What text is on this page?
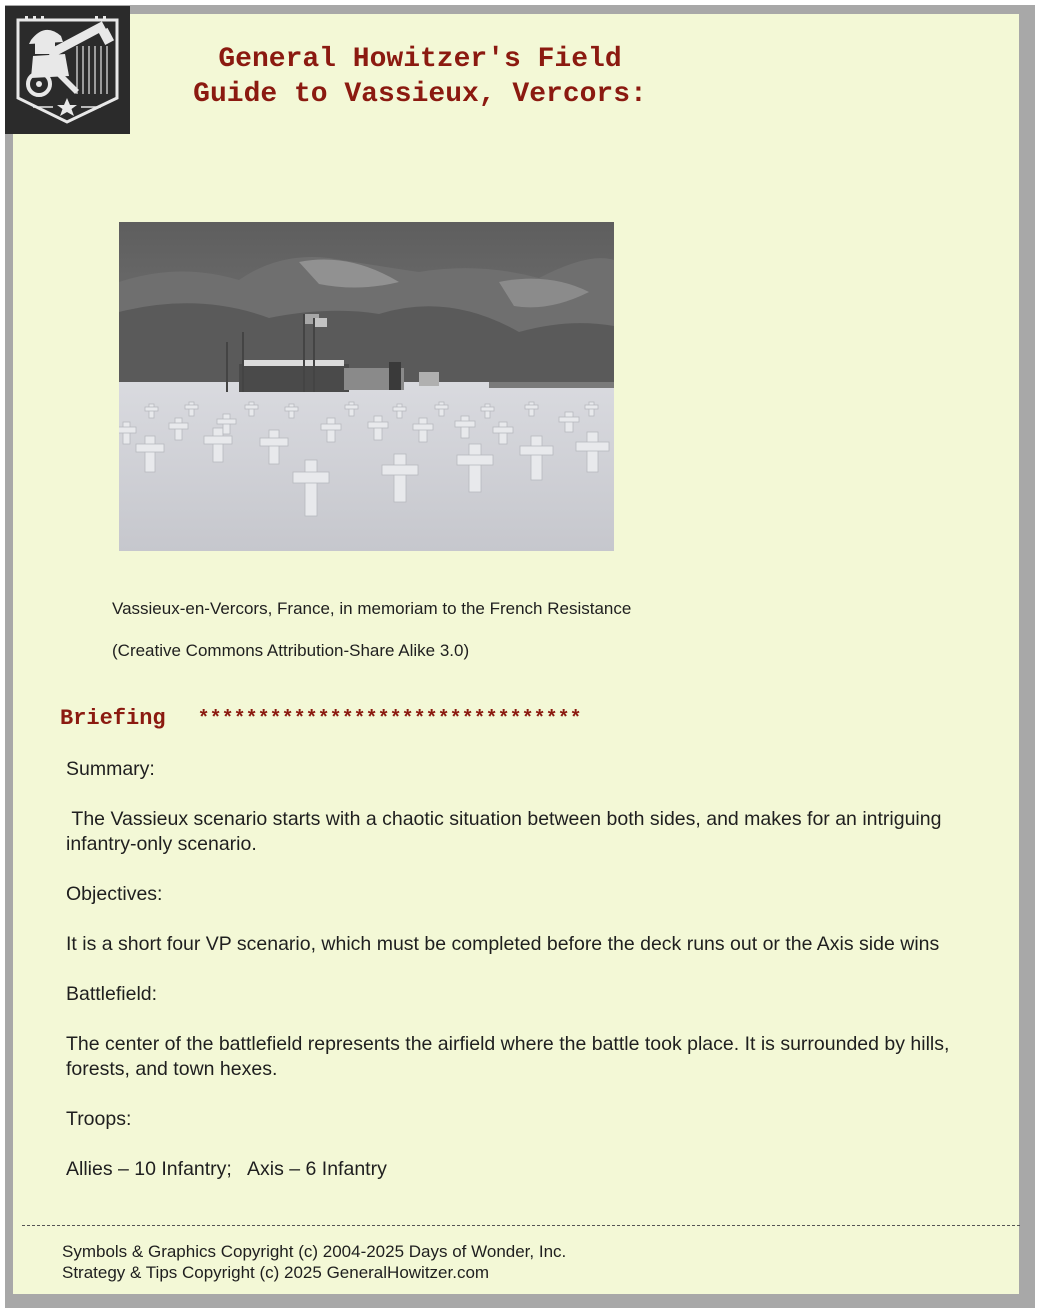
General Howitzer's Field
Guide to Vassieux, Vercors:

Vassieux-en-Vercors, France, in memoriam to the French Resistance

(Creative Commons Attribution-Share Alike 3.0)

Briefing ********************************

Summary:

The Vassieux scenario starts with a chaotic situation between both sides, and makes for an intriguing infantry-only scenario.

Objectives:

It is a short four VP scenario, which must be completed before the deck runs out or the Axis side wins

Battlefield:

The center of the battlefield represents the airfield where the battle took place. It is surrounded by hills, forests, and town hexes.

Troops:

Allies – 10 Infantry;   Axis – 6 Infantry

Symbols & Graphics Copyright (c) 2004-2025 Days of Wonder, Inc.
Strategy & Tips Copyright (c) 2025 GeneralHowitzer.com
